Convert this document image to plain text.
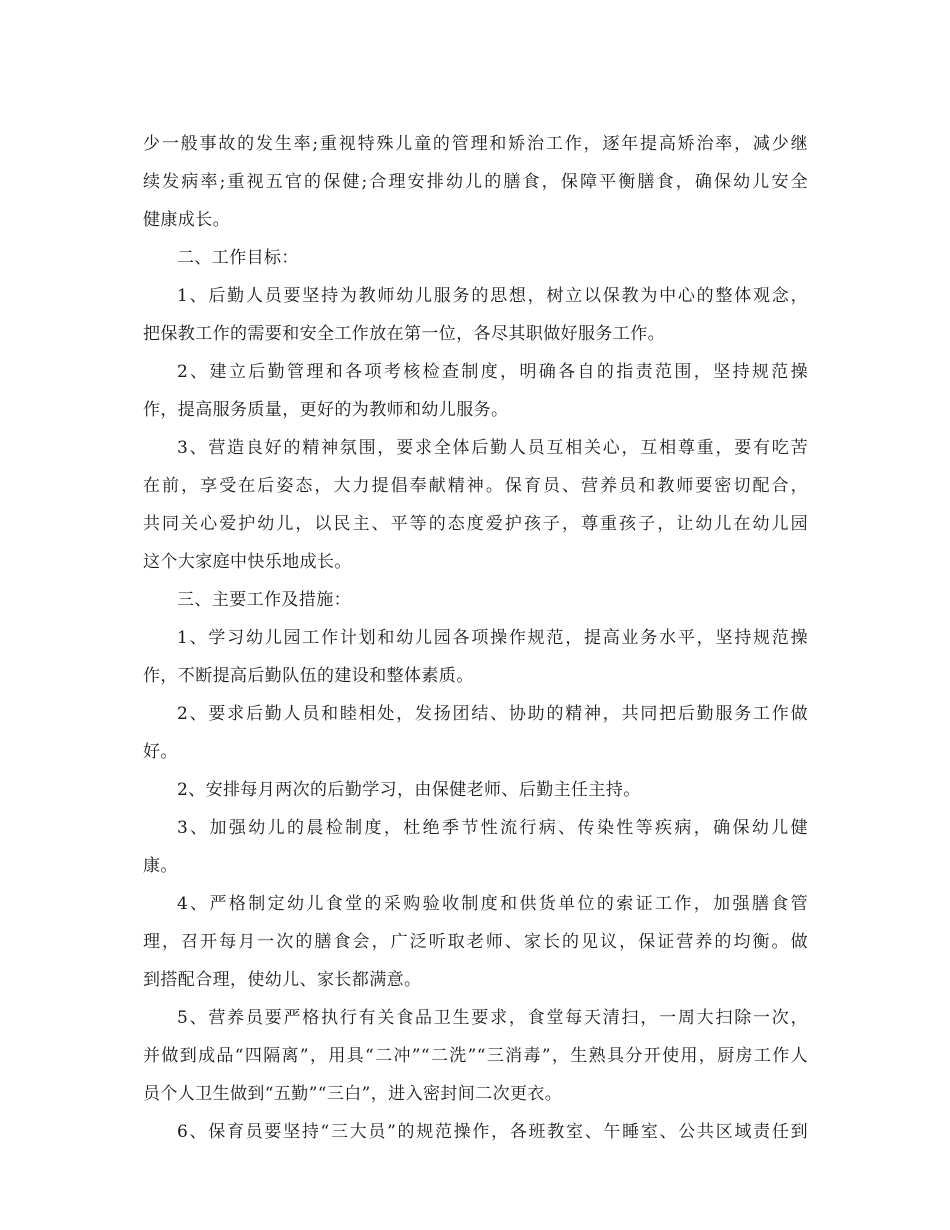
少一般事故的发生率;重视特殊儿童的管理和矫治工作，逐年提高矫治率，减少继
续发病率;重视五官的保健;合理安排幼儿的膳食，保障平衡膳食，确保幼儿安全
健康成长。
二、工作目标：
1、后勤人员要坚持为教师幼儿服务的思想，树立以保教为中心的整体观念，
把保教工作的需要和安全工作放在第一位，各尽其职做好服务工作。
2、建立后勤管理和各项考核检查制度，明确各自的指责范围，坚持规范操
作，提高服务质量，更好的为教师和幼儿服务。
3、营造良好的精神氛围，要求全体后勤人员互相关心，互相尊重，要有吃苦
在前，享受在后姿态，大力提倡奉献精神。保育员、营养员和教师要密切配合，
共同关心爱护幼儿，以民主、平等的态度爱护孩子，尊重孩子，让幼儿在幼儿园
这个大家庭中快乐地成长。
三、主要工作及措施：
1、学习幼儿园工作计划和幼儿园各项操作规范，提高业务水平，坚持规范操
作，不断提高后勤队伍的建设和整体素质。
2、要求后勤人员和睦相处，发扬团结、协助的精神，共同把后勤服务工作做
好。
2、安排每月两次的后勤学习，由保健老师、后勤主任主持。
3、加强幼儿的晨检制度，杜绝季节性流行病、传染性等疾病，确保幼儿健
康。
4、严格制定幼儿食堂的采购验收制度和供货单位的索证工作，加强膳食管
理，召开每月一次的膳食会，广泛听取老师、家长的见议，保证营养的均衡。做
到搭配合理，使幼儿、家长都满意。
5、营养员要严格执行有关食品卫生要求，食堂每天清扫，一周大扫除一次，
并做到成品“四隔离”，用具“二冲”“二洗”“三消毒”，生熟具分开使用，厨房工作人
员个人卫生做到“五勤”“三白”，进入密封间二次更衣。
6、保育员要坚持“三大员”的规范操作，各班教室、午睡室、公共区域责任到
